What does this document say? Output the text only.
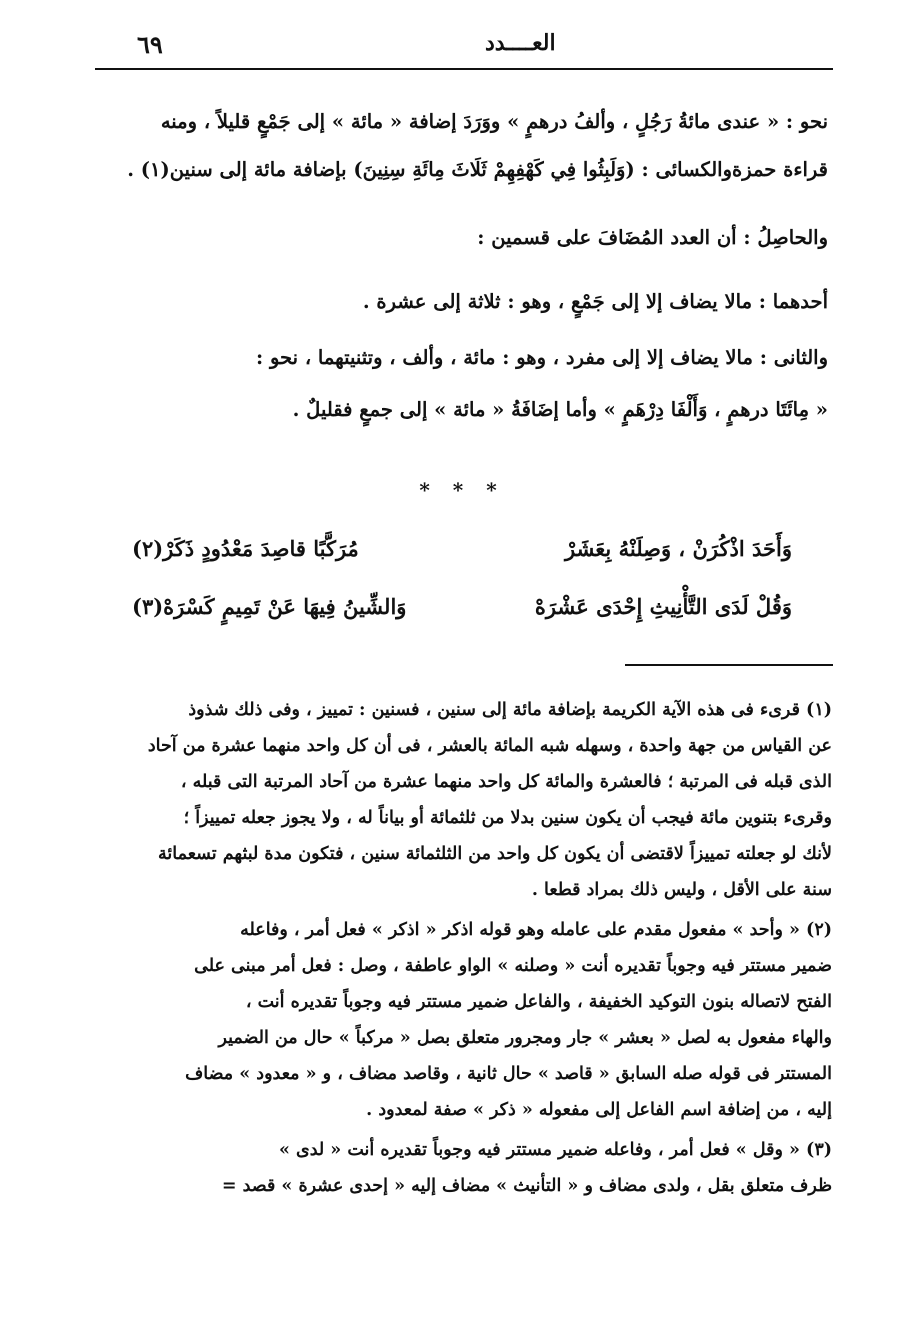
٦٩	العــــدد
نحو : « عندى مائةُ رَجُلٍ ، وألفُ درهمٍ » ووَرَدَ إضافة « مائة » إلى جَمْعٍ قليلاً ، ومنه
قراءة حمزةوالكسائى : (وَلَبِثُوا فِي كَهْفِهِمْ ثَلَاثَ مِائَةِ سِنِينَ) بإضافة مائة إلى سنين(١) .
والحاصِلُ : أن العدد المُضَافَ على قسمين :
أحدهما : مالا يضاف إلا إلى جَمْعٍ ، وهو : ثلاثة إلى عشرة .
والثانى : مالا يضاف إلا إلى مفرد ، وهو : مائة ، وألف ، وتثنيتهما ، نحو :
« مِائَتَا درهمٍ ، وَأَلْفَا دِرْهَمٍ » وأما إضَافَةُ « مائة » إلى جمعٍ فقليلٌ .
* * *
وَأَحَدَ اذْكُرَنْ ، وَصِلَنْهُ بِعَشَرْ
مُرَكَّبًا قاصِدَ مَعْدُودٍ ذَكَرْ(٢)
وَقُلْ لَدَى التَّأْنِيثِ إِحْدَى عَشْرَهْ
وَالشِّينُ فِيهَا عَنْ تَمِيمٍ كَسْرَهْ(٣)
(١) قرىء فى هذه الآية الكريمة بإضافة مائة إلى سنين ، فسنين : تمييز ، وفى ذلك شذوذ
عن القياس من جهة واحدة ، وسهله شبه المائة بالعشر ، فى أن كل واحد منهما عشرة من آحاد
الذى قبله فى المرتبة ؛ فالعشرة والمائة كل واحد منهما عشرة من آحاد المرتبة التى قبله ،
وقرىء بتنوين مائة فيجب أن يكون سنين بدلا من ثلثمائة أو بياناً له ، ولا يجوز جعله تمييزاً ؛
لأنك لو جعلته تمييزاً لاقتضى أن يكون كل واحد من الثلثمائة سنين ، فتكون مدة لبثهم تسعمائة
سنة على الأقل ، وليس ذلك بمراد قطعا .
(٢) « وأحد » مفعول مقدم على عامله وهو قوله اذكر « اذكر » فعل أمر ، وفاعله
ضمير مستتر فيه وجوباً تقديره أنت « وصلنه » الواو عاطفة ، وصل : فعل أمر مبنى على
الفتح لاتصاله بنون التوكيد الخفيفة ، والفاعل ضمير مستتر فيه وجوباً تقديره أنت ،
والهاء مفعول به لصل « بعشر » جار ومجرور متعلق بصل « مركباً » حال من الضمير
المستتر فى قوله صله السابق « قاصد » حال ثانية ، وقاصد مضاف ، و « معدود » مضاف
إليه ، من إضافة اسم الفاعل إلى مفعوله « ذكر » صفة لمعدود .
(٣) « وقل » فعل أمر ، وفاعله ضمير مستتر فيه وجوباً تقديره أنت « لدى »
ظرف متعلق بقل ، ولدى مضاف و « التأنيث » مضاف إليه « إحدى عشرة » قصد =
